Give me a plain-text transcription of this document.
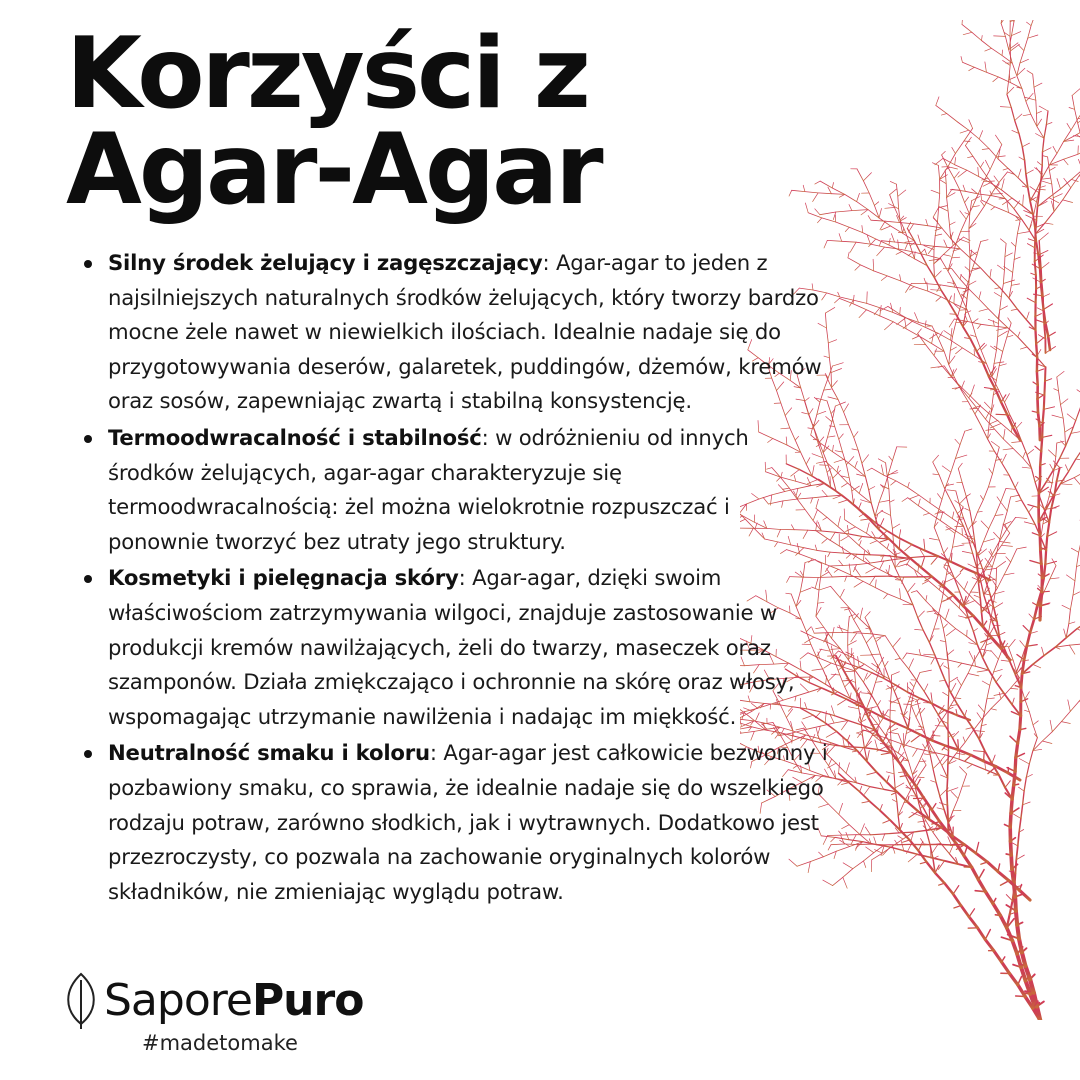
Korzyści z
Agar-Agar
Silny środek żelujący i zagęszczający: Agar-agar to jeden z najsilniejszych naturalnych środków żelujących, który tworzy bardzo mocne żele nawet w niewielkich ilościach. Idealnie nadaje się do przygotowywania deserów, galaretek, puddingów, dżemów, kremów oraz sosów, zapewniając zwartą i stabilną konsystencję.
Termoodwracalność i stabilność: w odróżnieniu od innych środków żelujących, agar-agar charakteryzuje się termoodwracalnością: żel można wielokrotnie rozpuszczać i ponownie tworzyć bez utraty jego struktury.
Kosmetyki i pielęgnacja skóry: Agar-agar, dzięki swoim właściwościom zatrzymywania wilgoci, znajduje zastosowanie w produkcji kremów nawilżających, żeli do twarzy, maseczek oraz szamponów. Działa zmiękczająco i ochronnie na skórę oraz włosy, wspomagając utrzymanie nawilżenia i nadając im miękkość.
Neutralność smaku i koloru: Agar-agar jest całkowicie bezwonny i pozbawiony smaku, co sprawia, że idealnie nadaje się do wszelkiego rodzaju potraw, zarówno słodkich, jak i wytrawnych. Dodatkowo jest przezroczysty, co pozwala na zachowanie oryginalnych kolorów składników, nie zmieniając wyglądu potraw.
SaporePuro
#madetomake
